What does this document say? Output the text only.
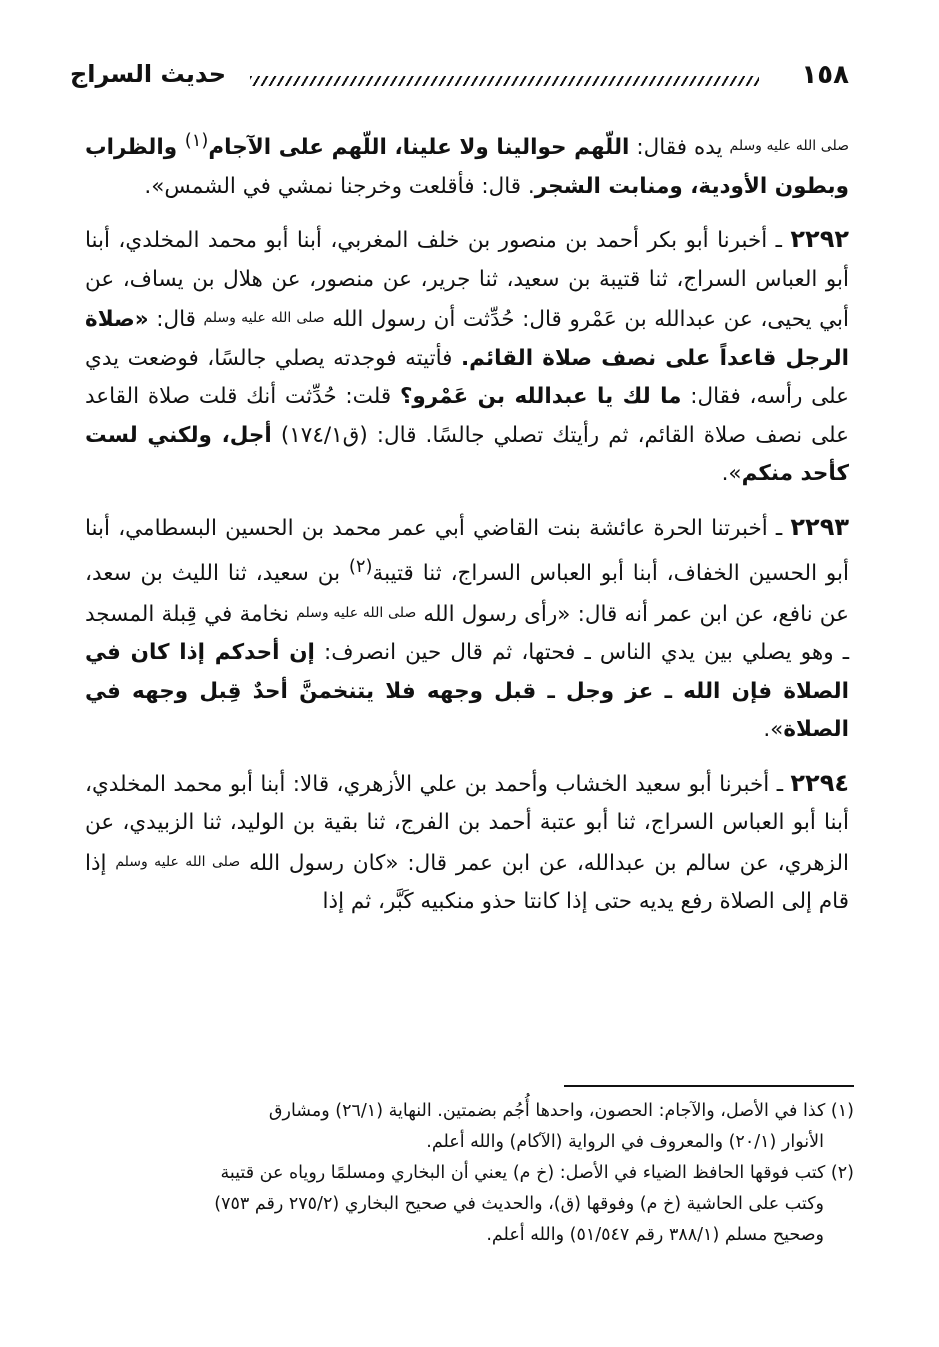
١٥٨
حديث السراج

صلى الله عليه وسلم يده فقال: اللّهم حوالينا ولا علينا، اللّهم على الآجام$^{(١)}$ والظراب وبطون الأودية، ومنابت الشجر. قال: فأقلعت وخرجنا نمشي في الشمس».

٢٢٩٢ ـ أخبرنا أبو بكر أحمد بن منصور بن خلف المغربي، أبنا أبو محمد المخلدي، أبنا أبو العباس السراج، ثنا قتيبة بن سعيد، ثنا جرير، عن منصور، عن هلال بن يساف، عن أبي يحيى، عن عبدالله بن عَمْرو قال: حُدِّثت أن رسول الله صلى الله عليه وسلم قال: «صلاة الرجل قاعداً على نصف صلاة القائم. فأتيته فوجدته يصلي جالسًا، فوضعت يدي على رأسه، فقال: ما لك يا عبدالله بن عَمْرو؟ قلت: حُدِّثت أنك قلت صلاة القاعد على نصف صلاة القائم، ثم رأيتك تصلي جالسًا. قال: (ق١٧٤/١) أجل، ولكني لست كأحد منكم».

٢٢٩٣ ـ أخبرتنا الحرة عائشة بنت القاضي أبي عمر محمد بن الحسين البسطامي، أبنا أبو الحسين الخفاف، أبنا أبو العباس السراج، ثنا قتيبة$^{(٢)}$ بن سعيد، ثنا الليث بن سعد، عن نافع، عن ابن عمر أنه قال: «رأى رسول الله صلى الله عليه وسلم نخامة في قِبلة المسجد ـ وهو يصلي بين يدي الناس ـ فحتها، ثم قال حين انصرف: إن أحدكم إذا كان في الصلاة فإن الله ـ عز وجل ـ قبل وجهه فلا يتنخمنَّ أحدٌ قِبل وجهه في الصلاة».

٢٢٩٤ ـ أخبرنا أبو سعيد الخشاب وأحمد بن علي الأزهري، قالا: أبنا أبو محمد المخلدي، أبنا أبو العباس السراج، ثنا أبو عتبة أحمد بن الفرج، ثنا بقية بن الوليد، ثنا الزبيدي، عن الزهري، عن سالم بن عبدالله، عن ابن عمر قال: «كان رسول الله صلى الله عليه وسلم إذا قام إلى الصلاة رفع يديه حتى إذا كانتا حذو منكبيه كَبَّر، ثم إذا

(١) كذا في الأصل، والآجام: الحصون، واحدها أُجُم بضمتين. النهاية (٢٦/١) ومشارق

الأنوار (٢٠/١) والمعروف في الرواية (الآكام) والله أعلم.

(٢) كتب فوقها الحافظ الضياء في الأصل: (خ م) يعني أن البخاري ومسلمًا روياه عن قتيبة

وكتب على الحاشية (خ م) وفوقها (ق)، والحديث في صحيح البخاري (٢٧٥/٢ رقم ٧٥٣)

وصحيح مسلم (٣٨٨/١ رقم ٥١/٥٤٧) والله أعلم.
